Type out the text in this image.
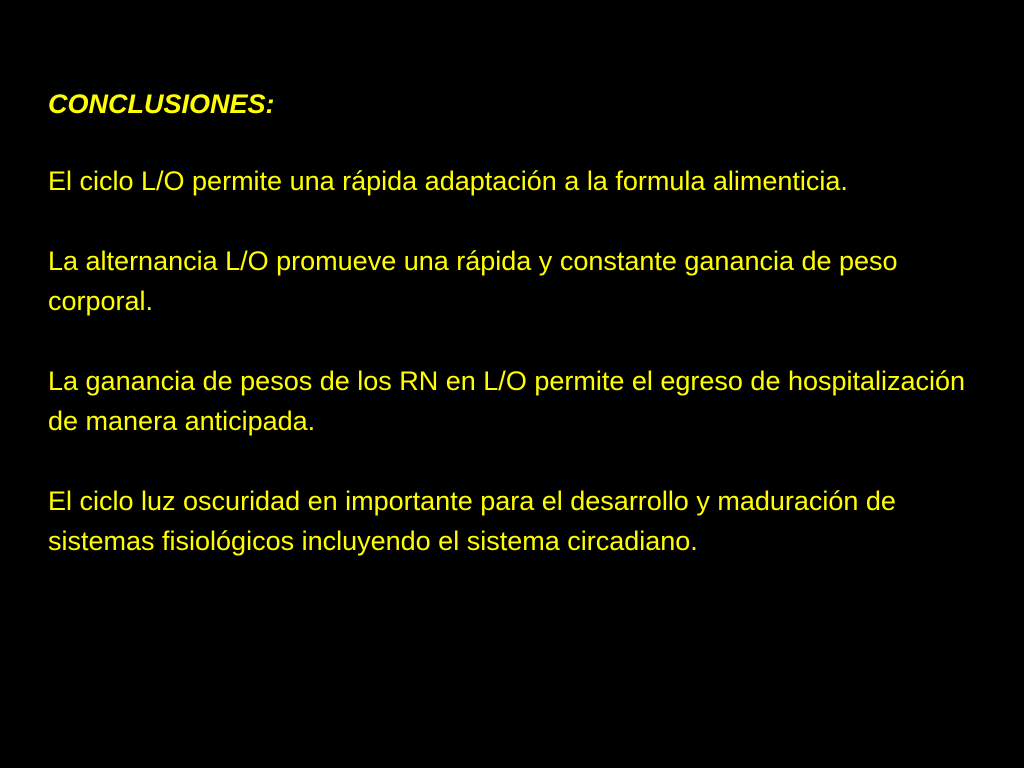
CONCLUSIONES:

El ciclo L/O permite una rápida adaptación a la formula alimenticia.

La alternancia L/O promueve una rápida y constante ganancia de peso corporal.

La ganancia de pesos de los RN en L/O permite el egreso de hospitalización de manera anticipada.

El ciclo luz oscuridad en importante para el desarrollo y maduración de sistemas fisiológicos incluyendo el sistema circadiano.
